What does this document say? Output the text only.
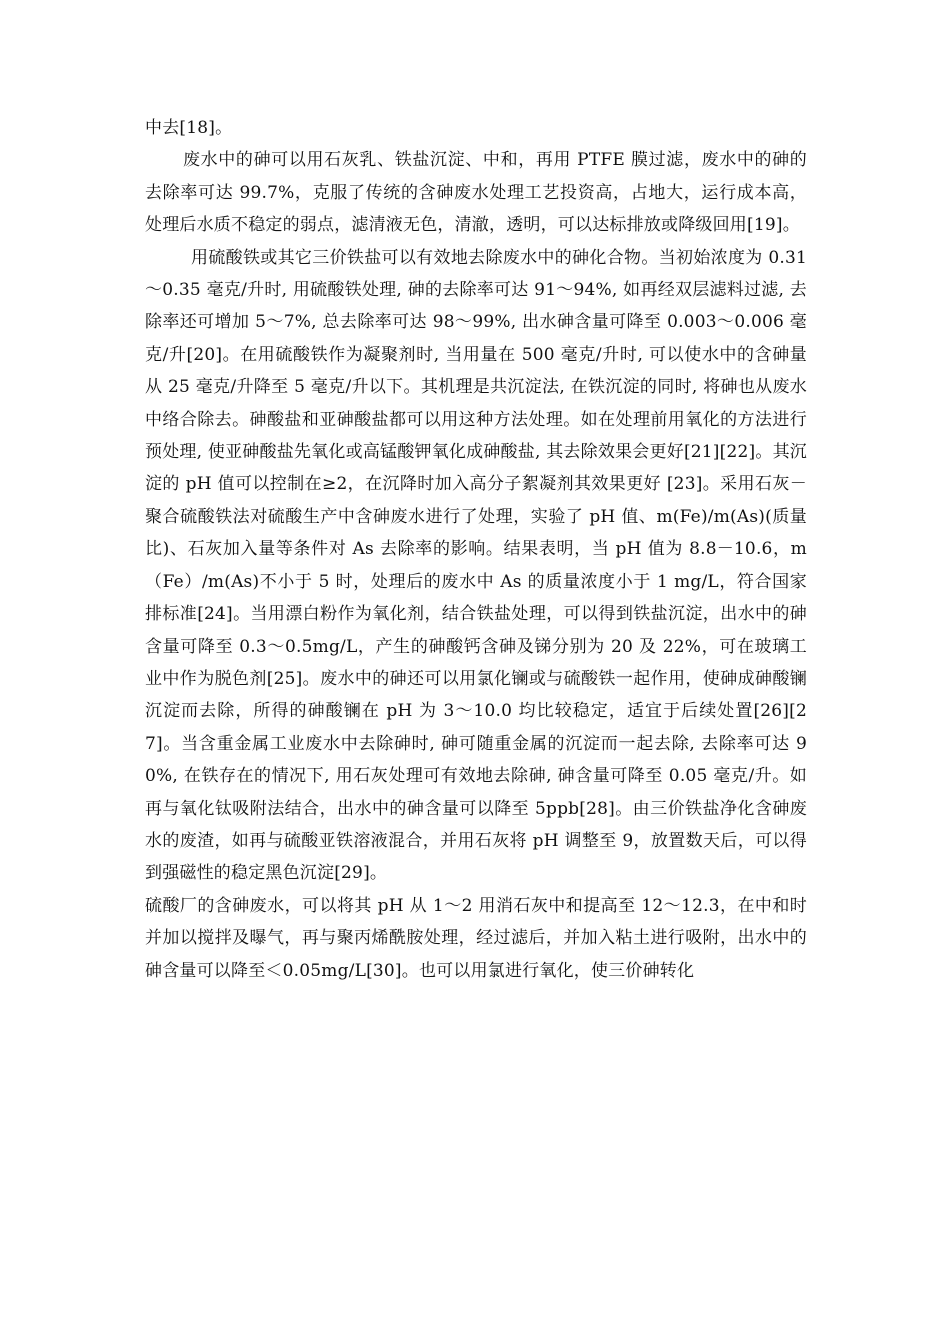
中去[18]。

废水中的砷可以用石灰乳、铁盐沉淀、中和，再用 PTFE 膜过滤，废水中的砷的去除率可达 99.7%，克服了传统的含砷废水处理工艺投资高，占地大，运行成本高，处理后水质不稳定的弱点，滤清液无色，清澈，透明，可以达标排放或降级回用[19]。

用硫酸铁或其它三价铁盐可以有效地去除废水中的砷化合物。当初始浓度为 0.31～0.35 毫克/升时, 用硫酸铁处理, 砷的去除率可达 91～94%, 如再经双层滤料过滤, 去除率还可增加 5～7%, 总去除率可达 98～99%, 出水砷含量可降至 0.003～0.006 毫克/升[20]。在用硫酸铁作为凝聚剂时, 当用量在 500 毫克/升时, 可以使水中的含砷量从 25 毫克/升降至 5 毫克/升以下。其机理是共沉淀法, 在铁沉淀的同时, 将砷也从废水中络合除去。砷酸盐和亚砷酸盐都可以用这种方法处理。如在处理前用氧化的方法进行预处理, 使亚砷酸盐先氧化或高锰酸钾氧化成砷酸盐, 其去除效果会更好[21][22]。其沉淀的 pH 值可以控制在≥2，在沉降时加入高分子絮凝剂其效果更好 [23]。采用石灰－聚合硫酸铁法对硫酸生产中含砷废水进行了处理，实验了 pH 值、m(Fe)/m(As)(质量比)、石灰加入量等条件对 As 去除率的影响。结果表明，当 pH 值为 8.8－10.6，m（Fe）/m(As)不小于 5 时，处理后的废水中 As 的质量浓度小于 1 mg/L，符合国家排标准[24]。当用漂白粉作为氧化剂，结合铁盐处理，可以得到铁盐沉淀，出水中的砷含量可降至 0.3～0.5mg/L，产生的砷酸钙含砷及锑分别为 20 及 22%，可在玻璃工业中作为脱色剂[25]。废水中的砷还可以用氯化镧或与硫酸铁一起作用，使砷成砷酸镧沉淀而去除，所得的砷酸镧在 pH 为 3～10.0 均比较稳定，适宜于后续处置[26][27]。当含重金属工业废水中去除砷时, 砷可随重金属的沉淀而一起去除, 去除率可达 90%, 在铁存在的情况下, 用石灰处理可有效地去除砷, 砷含量可降至 0.05 毫克/升。如再与氧化钛吸附法结合，出水中的砷含量可以降至 5ppb[28]。由三价铁盐净化含砷废水的废渣，如再与硫酸亚铁溶液混合，并用石灰将 pH 调整至 9，放置数天后，可以得到强磁性的稳定黑色沉淀[29]。

硫酸厂的含砷废水，可以将其 pH 从 1～2 用消石灰中和提高至 12～12.3，在中和时并加以搅拌及曝气，再与聚丙烯酰胺处理，经过滤后，并加入粘土进行吸附，出水中的砷含量可以降至＜0.05mg/L[30]。也可以用氯进行氧化，使三价砷转化
